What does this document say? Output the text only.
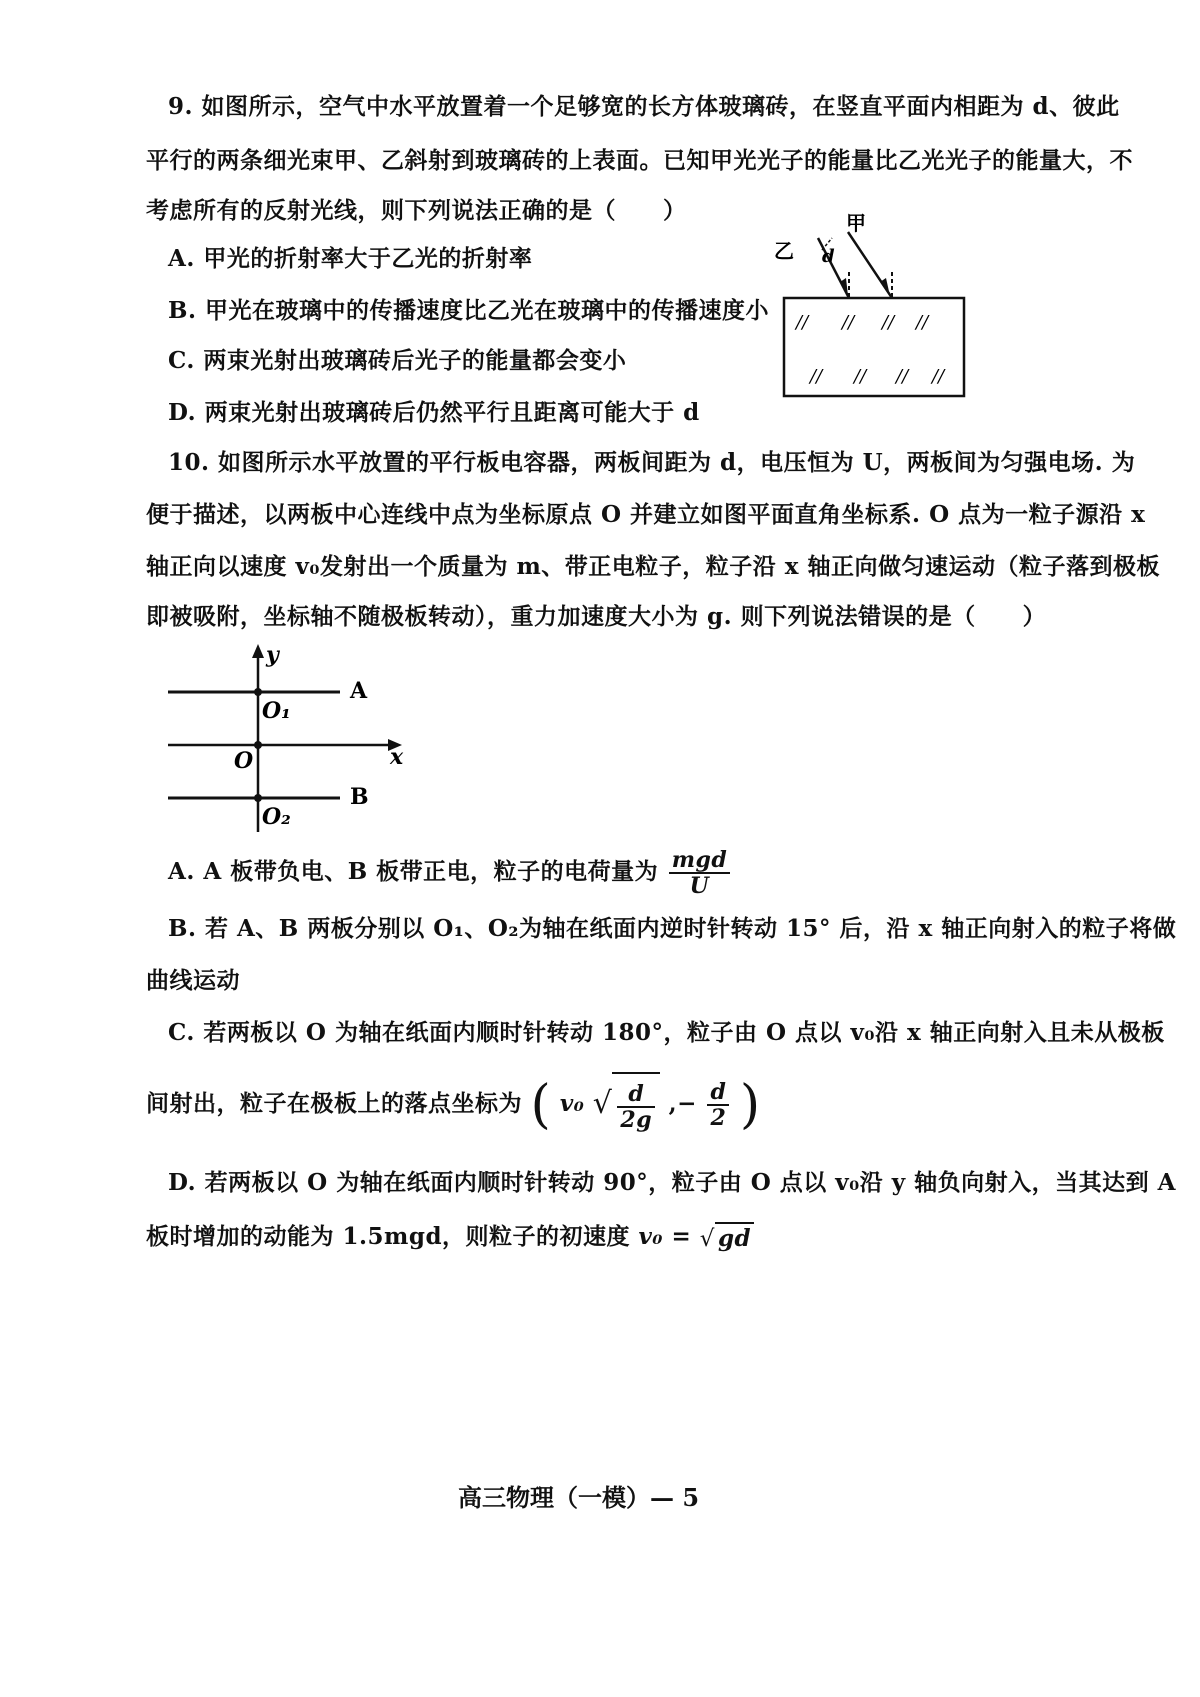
9. 如图所示，空气中水平放置着一个足够宽的长方体玻璃砖，在竖直平面内相距为 d、彼此
平行的两条细光束甲、乙斜射到玻璃砖的上表面。已知甲光光子的能量比乙光光子的能量大，不
考虑所有的反射光线，则下列说法正确的是（　　）
A. 甲光的折射率大于乙光的折射率
B. 甲光在玻璃中的传播速度比乙光在玻璃中的传播速度小
C. 两束光射出玻璃砖后光子的能量都会变小
D. 两束光射出玻璃砖后仍然平行且距离可能大于 d
甲
乙 d
// // // //
// // // //
10. 如图所示水平放置的平行板电容器，两板间距为 d，电压恒为 U，两板间为匀强电场. 为
便于描述，以两板中心连线中点为坐标原点 O 并建立如图平面直角坐标系. O 点为一粒子源沿 x
轴正向以速度 v₀发射出一个质量为 m、带正电粒子，粒子沿 x 轴正向做匀速运动（粒子落到极板
即被吸附，坐标轴不随极板转动），重力加速度大小为 g. 则下列说法错误的是（　　）
y
x
O
O₁
O₂
A
B
A. A 板带负电、B 板带正电，粒子的电荷量为 $\frac{\text{mgd}}{U}$
B. 若 A、B 两板分别以 O₁、O₂为轴在纸面内逆时针转动 15° 后，沿 x 轴正向射入的粒子将做
曲线运动
C. 若两板以 O 为轴在纸面内顺时针转动 180°，粒子由 O 点以 v₀沿 x 轴正向射入且未从极板
间射出，粒子在极板上的落点坐标为 ( v₀ √ $\frac{d}{2g}$ ,− $\frac{d}{2}$ )
D. 若两板以 O 为轴在纸面内顺时针转动 90°，粒子由 O 点以 v₀沿 y 轴负向射入，当其达到 A
板时增加的动能为 1.5mgd，则粒子的初速度 v₀ = √ gd
高三物理（一模）— 5
